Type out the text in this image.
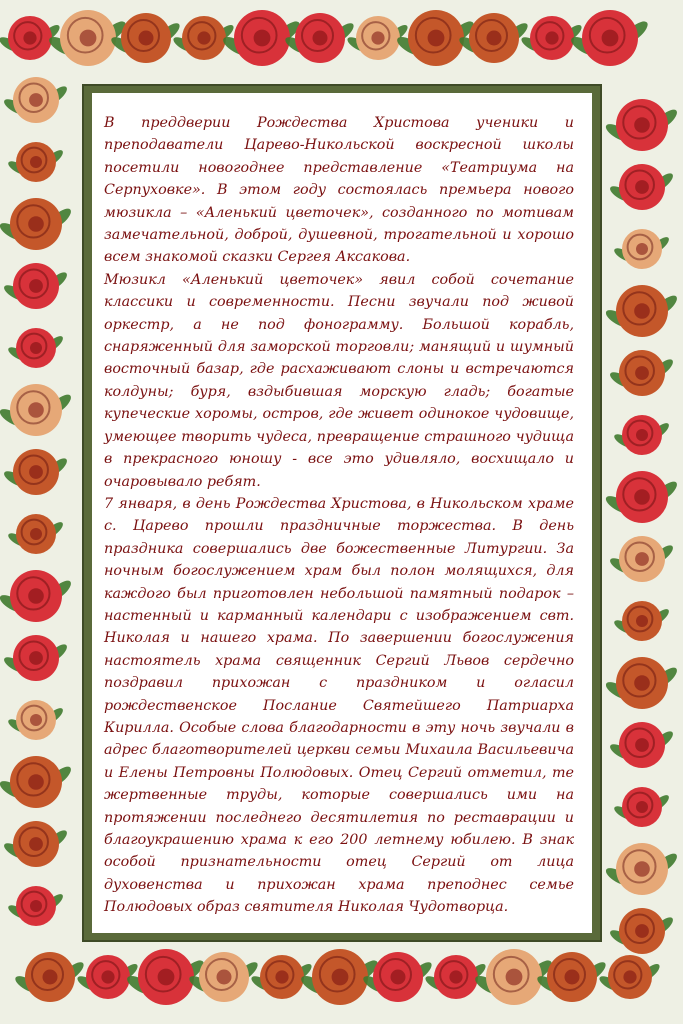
В преддверии Рождества Христова ученики и преподаватели Царево-Никольской воскресной школы посетили новогоднее представление «Театриума на Серпуховке». В этом году состоялась премьера нового мюзикла – «Аленький цветочек», созданного по мотивам замечательной, доброй, душевной, трогательной и хорошо всем знакомой сказки Сергея Аксакова.

Мюзикл «Аленький цветочек» явил собой сочетание классики и современности. Песни звучали под живой оркестр, а не под фонограмму. Большой корабль, снаряженный для заморской торговли; манящий и шумный восточный базар, где расхаживают слоны и встречаются колдуны; буря, вздыбившая морскую гладь; богатые купеческие хоромы, остров, где живет одинокое чудовище, умеющее творить чудеса, превращение страшного чудища в прекрасного юношу - все это удивляло, восхищало и очаровывало ребят.

7 января, в день Рождества Христова, в Никольском храме с. Царево прошли праздничные торжества. В день праздника совершались две божественные Литургии. За ночным богослужением храм был полон молящихся, для каждого был приготовлен небольшой памятный подарок – настенный и карманный календари с изображением свт. Николая и нашего храма. По завершении богослужения настоятель храма священник Сергий Львов сердечно поздравил прихожан с праздником и огласил рождественское Послание Святейшего Патриарха Кирилла. Особые слова благодарности в эту ночь звучали в адрес благотворителей церкви семьи Михаила Васильевича и Елены Петровны Полюдовых. Отец Сергий отметил, те жертвенные труды, которые совершались ими на протяжении последнего десятилетия по реставрации и благоукрашению храма к его 200 летнему юбилею. В знак особой признательности отец Сергий от лица духовенства и прихожан храма преподнес семье Полюдовых образ святителя Николая Чудотворца.
